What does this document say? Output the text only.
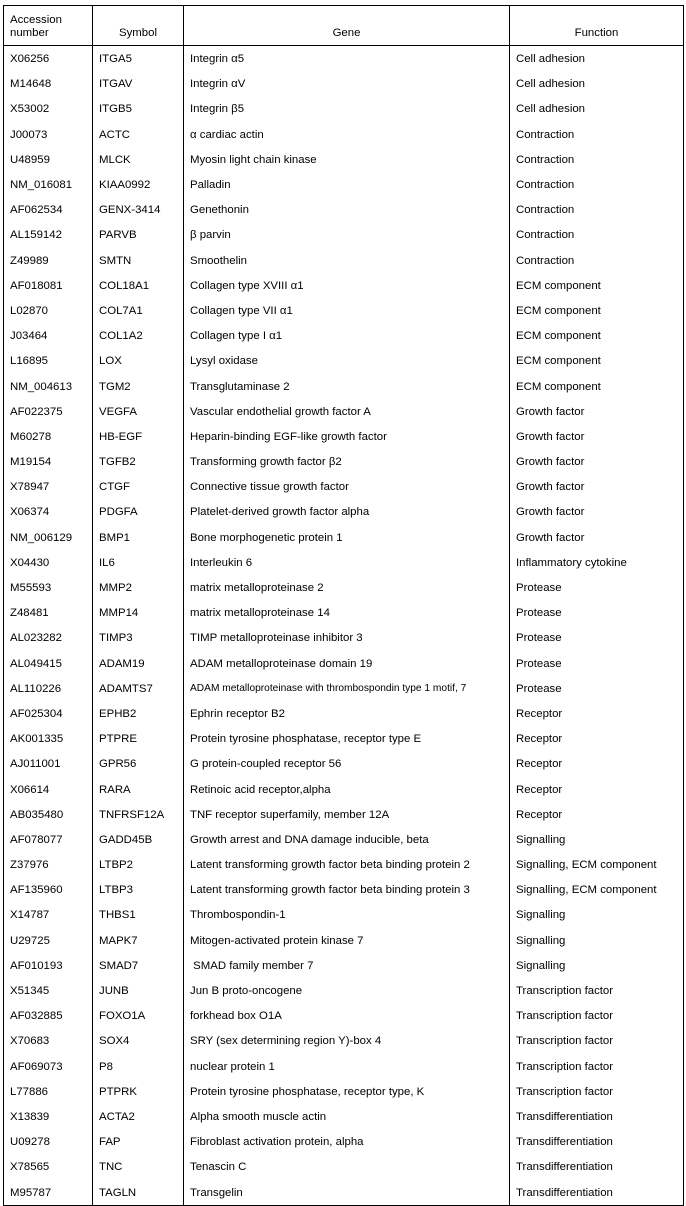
Accession number	Symbol	Gene	Function
X06256	ITGA5	Integrin α5	Cell adhesion
M14648	ITGAV	Integrin αV	Cell adhesion
X53002	ITGB5	Integrin β5	Cell adhesion
J00073	ACTC	α cardiac actin	Contraction
U48959	MLCK	Myosin light chain kinase	Contraction
NM_016081	KIAA0992	Palladin	Contraction
AF062534	GENX-3414	Genethonin	Contraction
AL159142	PARVB	β parvin	Contraction
Z49989	SMTN	Smoothelin	Contraction
AF018081	COL18A1	Collagen type XVIII α1	ECM component
L02870	COL7A1	Collagen type VII α1	ECM component
J03464	COL1A2	Collagen type I α1	ECM component
L16895	LOX	Lysyl oxidase	ECM component
NM_004613	TGM2	Transglutaminase 2	ECM component
AF022375	VEGFA	Vascular endothelial growth factor A	Growth factor
M60278	HB-EGF	Heparin-binding EGF-like growth factor	Growth factor
M19154	TGFB2	Transforming growth factor β2	Growth factor
X78947	CTGF	Connective tissue growth factor	Growth factor
X06374	PDGFA	Platelet-derived growth factor alpha	Growth factor
NM_006129	BMP1	Bone morphogenetic protein 1	Growth factor
X04430	IL6	Interleukin 6	Inflammatory cytokine
M55593	MMP2	matrix metalloproteinase 2	Protease
Z48481	MMP14	matrix metalloproteinase 14	Protease
AL023282	TIMP3	TIMP metalloproteinase inhibitor 3	Protease
AL049415	ADAM19	ADAM metalloproteinase domain 19	Protease
AL110226	ADAMTS7	ADAM metalloproteinase with thrombospondin type 1 motif, 7	Protease
AF025304	EPHB2	Ephrin receptor B2	Receptor
AK001335	PTPRE	Protein tyrosine phosphatase, receptor type E	Receptor
AJ011001	GPR56	G protein-coupled receptor 56	Receptor
X06614	RARA	Retinoic acid receptor,alpha	Receptor
AB035480	TNFRSF12A	TNF receptor superfamily, member 12A	Receptor
AF078077	GADD45B	Growth arrest and DNA damage inducible, beta	Signalling
Z37976	LTBP2	Latent transforming growth factor beta binding protein 2	Signalling, ECM component
AF135960	LTBP3	Latent transforming growth factor beta binding protein 3	Signalling, ECM component
X14787	THBS1	Thrombospondin-1	Signalling
U29725	MAPK7	Mitogen-activated protein kinase 7	Signalling
AF010193	SMAD7	SMAD family member 7	Signalling
X51345	JUNB	Jun B proto-oncogene	Transcription factor
AF032885	FOXO1A	forkhead box O1A	Transcription factor
X70683	SOX4	SRY (sex determining region Y)-box 4	Transcription factor
AF069073	P8	nuclear protein 1	Transcription factor
L77886	PTPRK	Protein tyrosine phosphatase, receptor type, K	Transcription factor
X13839	ACTA2	Alpha smooth muscle actin	Transdifferentiation
U09278	FAP	Fibroblast activation protein, alpha	Transdifferentiation
X78565	TNC	Tenascin C	Transdifferentiation
M95787	TAGLN	Transgelin	Transdifferentiation
